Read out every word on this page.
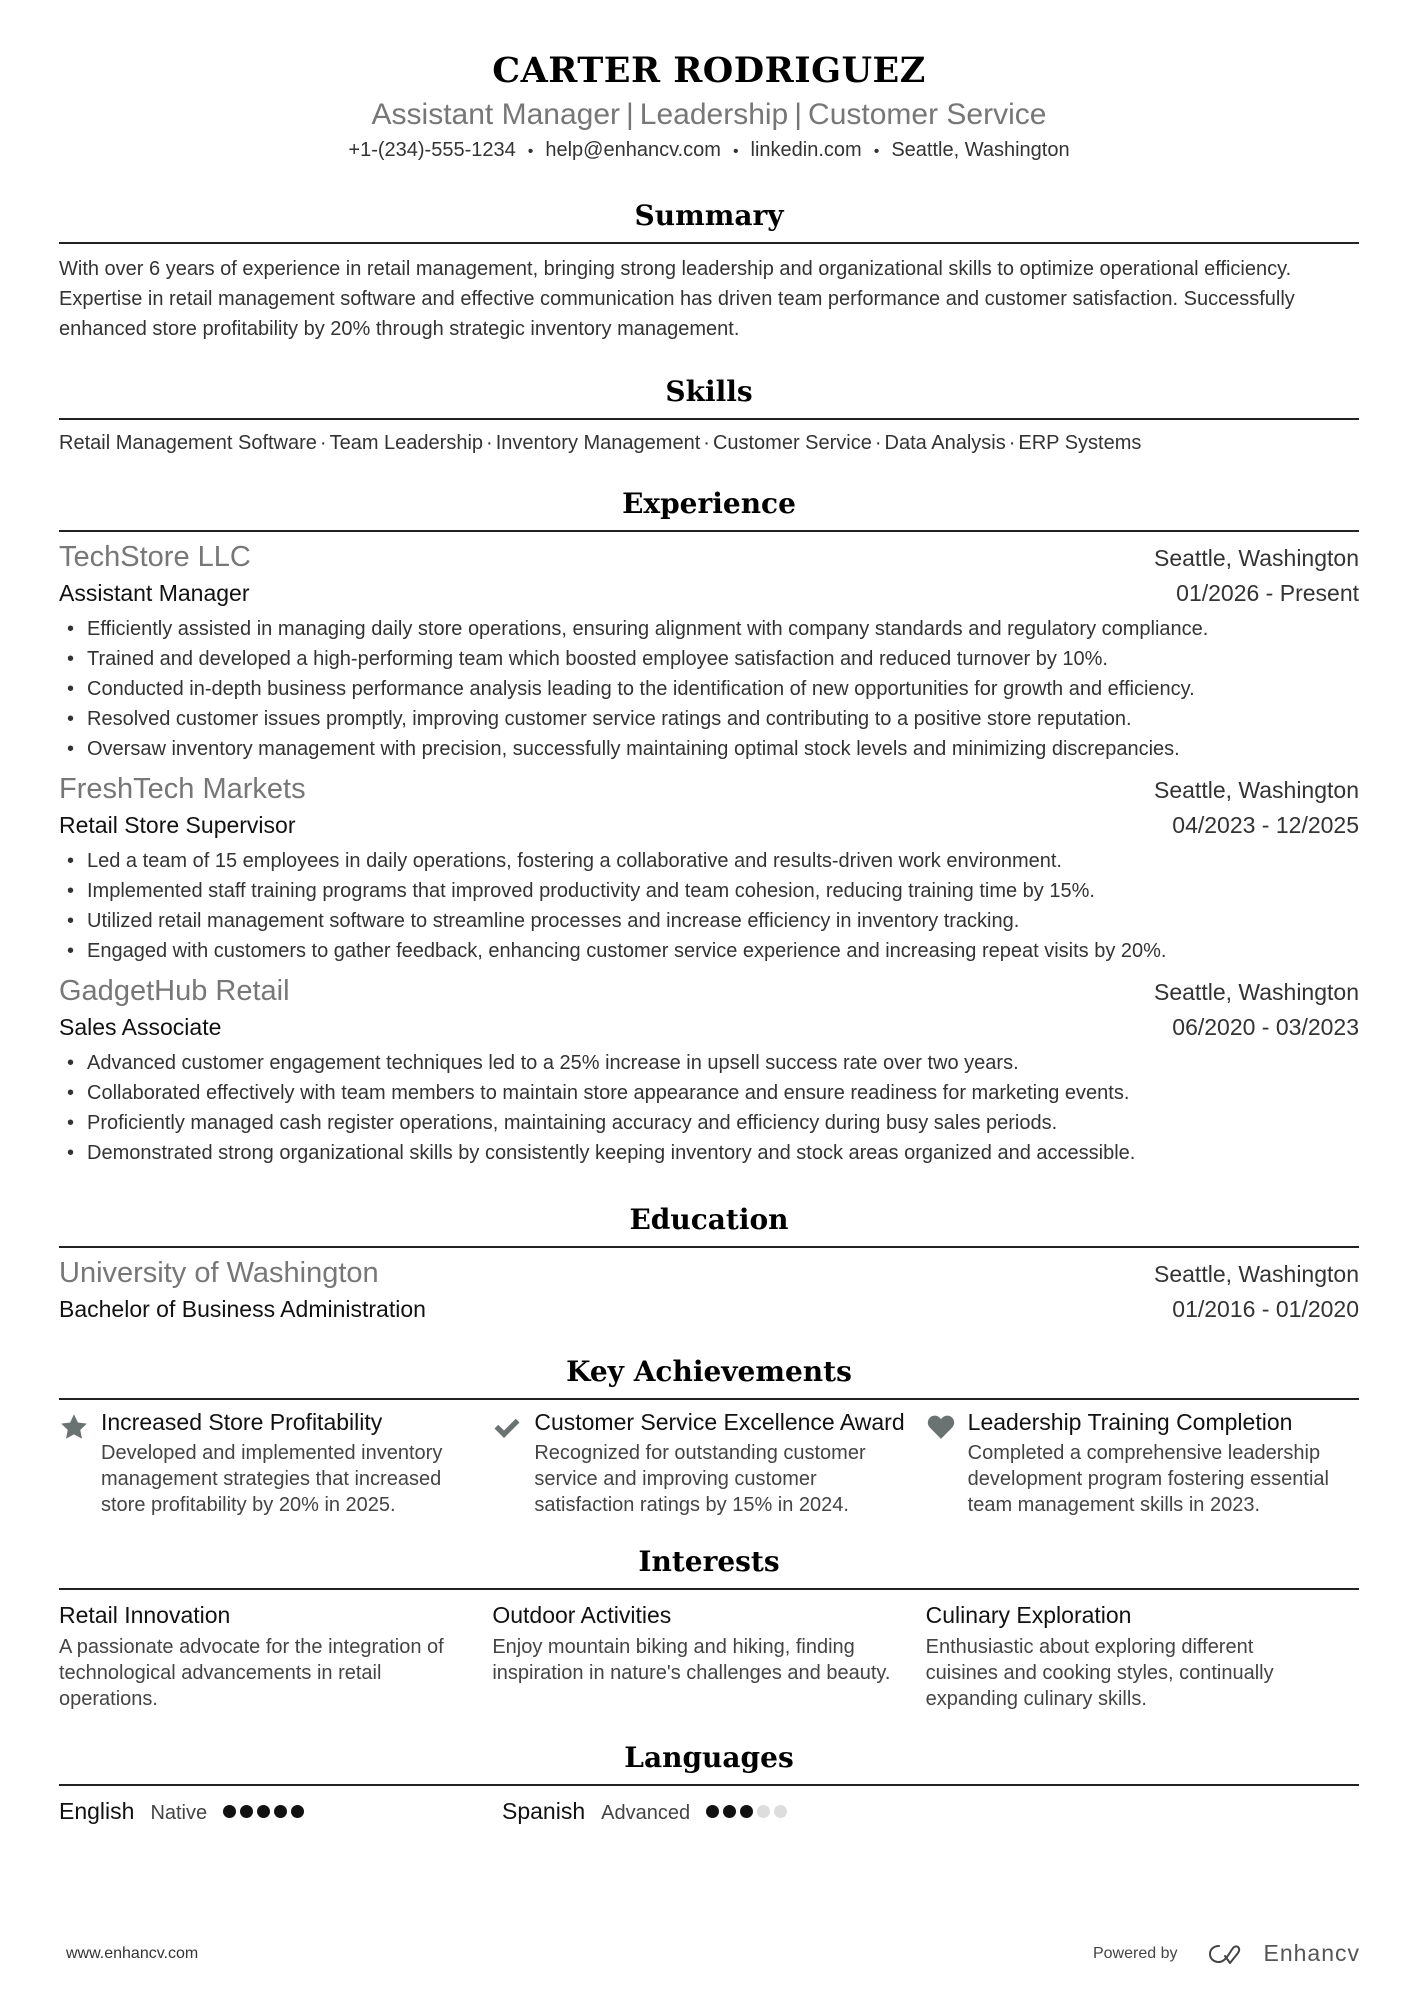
CARTER RODRIGUEZ
Assistant Manager | Leadership | Customer Service
+1-(234)-555-1234 • help@enhancv.com • linkedin.com • Seattle, Washington
Summary

With over 6 years of experience in retail management, bringing strong leadership and organizational skills to optimize operational efficiency. Expertise in retail management software and effective communication has driven team performance and customer satisfaction. Successfully enhanced store profitability by 20% through strategic inventory management.

Skills

Retail Management Software · Team Leadership · Inventory Management · Customer Service · Data Analysis · ERP Systems

Experience
TechStore LLC	Seattle, Washington
Assistant Manager	01/2026 - Present
• Efficiently assisted in managing daily store operations, ensuring alignment with company standards and regulatory compliance.
• Trained and developed a high-performing team which boosted employee satisfaction and reduced turnover by 10%.
• Conducted in-depth business performance analysis leading to the identification of new opportunities for growth and efficiency.
• Resolved customer issues promptly, improving customer service ratings and contributing to a positive store reputation.
• Oversaw inventory management with precision, successfully maintaining optimal stock levels and minimizing discrepancies.
FreshTech Markets	Seattle, Washington
Retail Store Supervisor	04/2023 - 12/2025
• Led a team of 15 employees in daily operations, fostering a collaborative and results-driven work environment.
• Implemented staff training programs that improved productivity and team cohesion, reducing training time by 15%.
• Utilized retail management software to streamline processes and increase efficiency in inventory tracking.
• Engaged with customers to gather feedback, enhancing customer service experience and increasing repeat visits by 20%.
GadgetHub Retail	Seattle, Washington
Sales Associate	06/2020 - 03/2023
• Advanced customer engagement techniques led to a 25% increase in upsell success rate over two years.
• Collaborated effectively with team members to maintain store appearance and ensure readiness for marketing events.
• Proficiently managed cash register operations, maintaining accuracy and efficiency during busy sales periods.
• Demonstrated strong organizational skills by consistently keeping inventory and stock areas organized and accessible.
Education
University of Washington	Seattle, Washington
Bachelor of Business Administration	01/2016 - 01/2020
Key Achievements
Increased Store Profitability
Developed and implemented inventory management strategies that increased store profitability by 20% in 2025.
Customer Service Excellence Award
Recognized for outstanding customer service and improving customer satisfaction ratings by 15% in 2024.
Leadership Training Completion
Completed a comprehensive leadership development program fostering essential team management skills in 2023.
Interests
Retail Innovation
A passionate advocate for the integration of technological advancements in retail operations.
Outdoor Activities
Enjoy mountain biking and hiking, finding inspiration in nature's challenges and beauty.
Culinary Exploration
Enthusiastic about exploring different cuisines and cooking styles, continually expanding culinary skills.
Languages
English Native	Spanish Advanced
www.enhancv.com	Powered by	Enhancv
